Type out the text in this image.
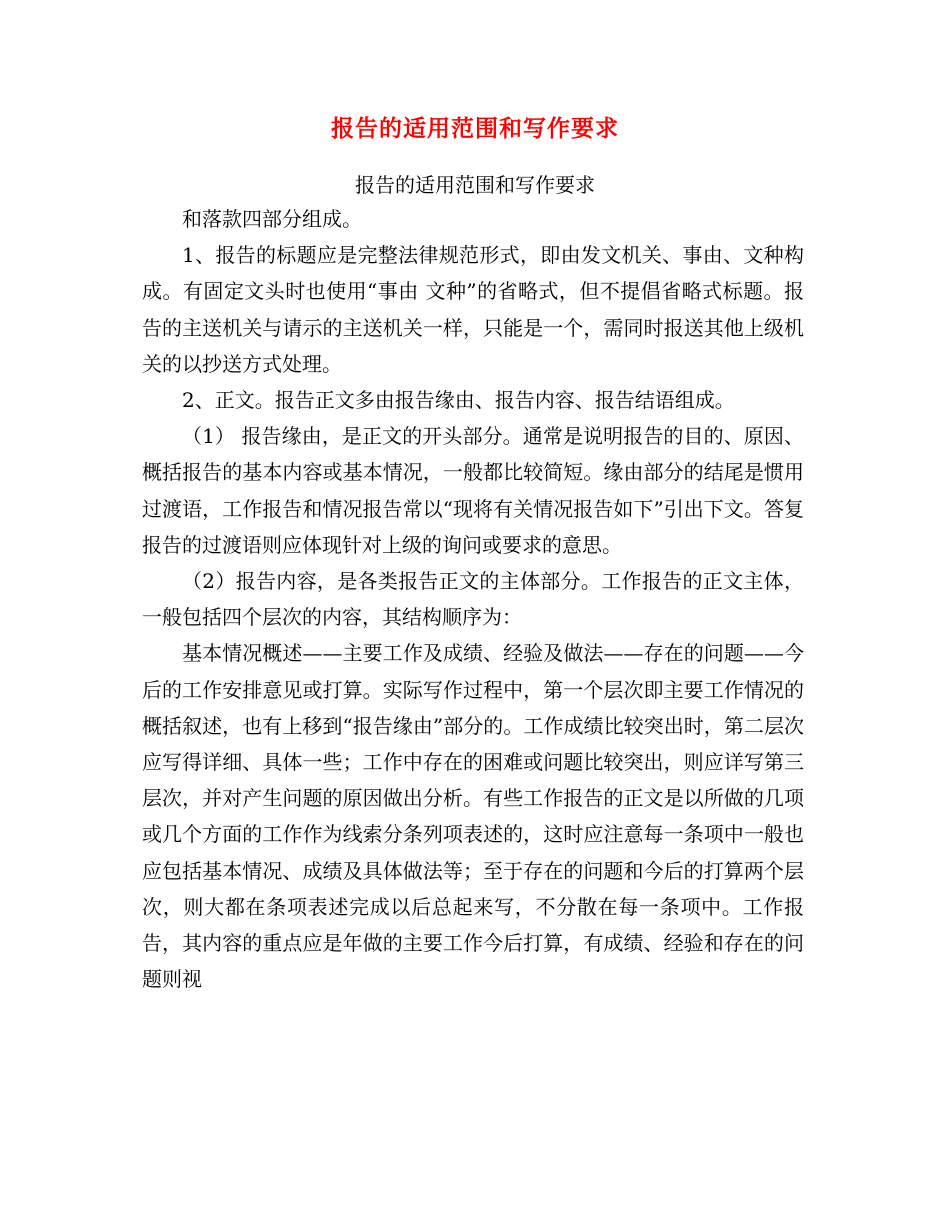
报告的适用范围和写作要求
报告的适用范围和写作要求

和落款四部分组成。

1、报告的标题应是完整法律规范形式，即由发文机关、事由、文种构成。有固定文头时也使用“事由 文种”的省略式，但不提倡省略式标题。报告的主送机关与请示的主送机关一样，只能是一个，需同时报送其他上级机关的以抄送方式处理。

2、正文。报告正文多由报告缘由、报告内容、报告结语组成。

（1） 报告缘由，是正文的开头部分。通常是说明报告的目的、原因、概括报告的基本内容或基本情况，一般都比较简短。缘由部分的结尾是惯用过渡语，工作报告和情况报告常以“现将有关情况报告如下”引出下文。答复报告的过渡语则应体现针对上级的询问或要求的意思。

（2）报告内容，是各类报告正文的主体部分。工作报告的正文主体，一般包括四个层次的内容，其结构顺序为：

基本情况概述——主要工作及成绩、经验及做法——存在的问题——今后的工作安排意见或打算。实际写作过程中，第一个层次即主要工作情况的概括叙述，也有上移到“报告缘由”部分的。工作成绩比较突出时，第二层次应写得详细、具体一些；工作中存在的困难或问题比较突出，则应详写第三层次，并对产生问题的原因做出分析。有些工作报告的正文是以所做的几项或几个方面的工作作为线索分条列项表述的，这时应注意每一条项中一般也应包括基本情况、成绩及具体做法等；至于存在的问题和今后的打算两个层次，则大都在条项表述完成以后总起来写，不分散在每一条项中。工作报告，其内容的重点应是年做的主要工作今后打算，有成绩、经验和存在的问题则视
